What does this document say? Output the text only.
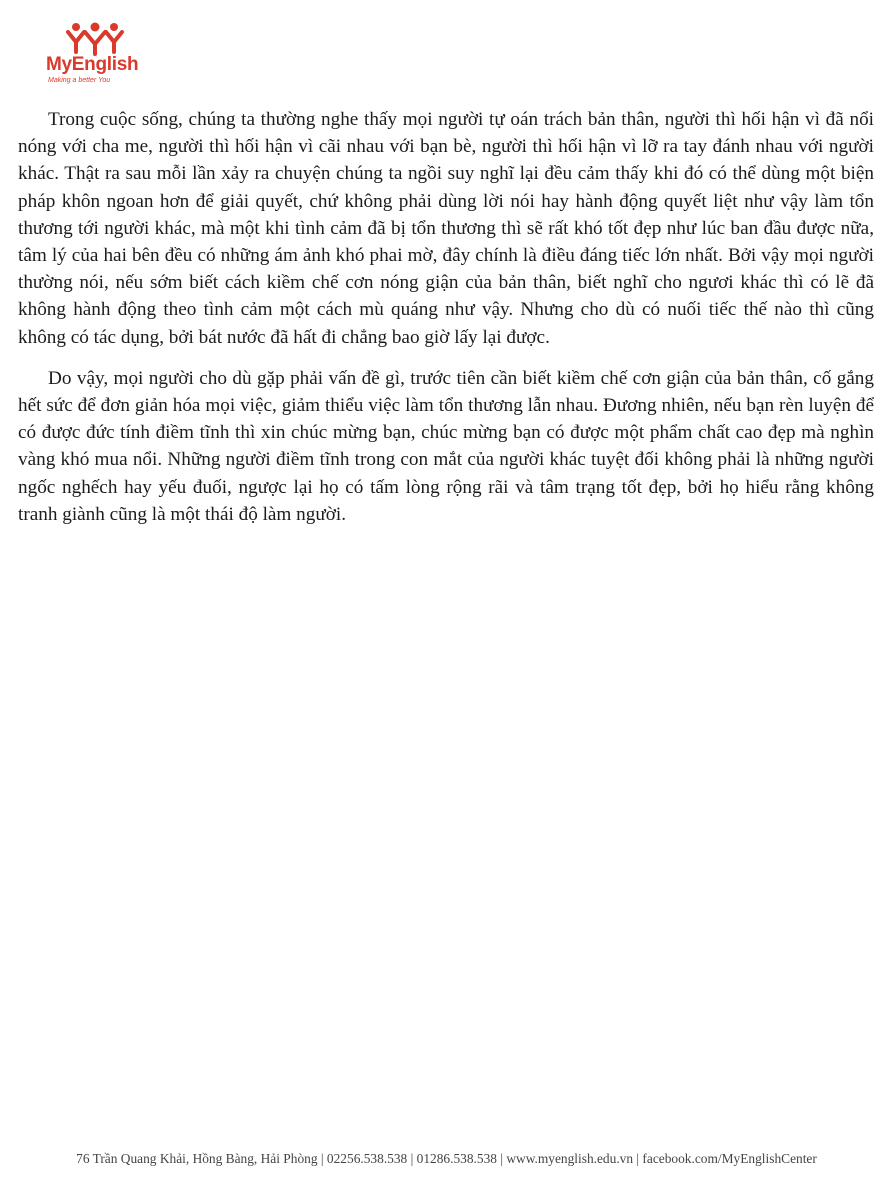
MyEnglish
Making a better You

Trong cuộc sống, chúng ta thường nghe thấy mọi người tự oán trách bản thân, người thì hối hận vì đã nổi nóng với cha me, người thì hối hận vì cãi nhau với bạn bè, người thì hối hận vì lỡ ra tay đánh nhau với người khác. Thật ra sau mỗi lần xảy ra chuyện chúng ta ngồi suy nghĩ lại đều cảm thấy khi đó có thể dùng một biện pháp khôn ngoan hơn để giải quyết, chứ không phải dùng lời nói hay hành động quyết liệt như vậy làm tổn thương tới người khác, mà một khi tình cảm đã bị tổn thương thì sẽ rất khó tốt đẹp như lúc ban đầu được nữa, tâm lý của hai bên đều có những ám ảnh khó phai mờ, đây chính là điều đáng tiếc lớn nhất. Bởi vậy mọi người thường nói, nếu sớm biết cách kiềm chế cơn nóng giận của bản thân, biết nghĩ cho ngươi khác thì có lẽ đã không hành động theo tình cảm một cách mù quáng như vậy. Nhưng cho dù có nuối tiếc thế nào thì cũng không có tác dụng, bởi bát nước đã hất đi chẳng bao giờ lấy lại được.

Do vậy, mọi người cho dù gặp phải vấn đề gì, trước tiên cần biết kiềm chế cơn giận của bản thân, cố gắng hết sức để đơn giản hóa mọi việc, giảm thiểu việc làm tổn thương lẫn nhau. Đương nhiên, nếu bạn rèn luyện để có được đức tính điềm tĩnh thì xin chúc mừng bạn, chúc mừng bạn có được một phẩm chất cao đẹp mà nghìn vàng khó mua nổi. Những người điềm tĩnh trong con mắt của người khác tuyệt đối không phải là những người ngốc nghếch hay yếu đuối, ngược lại họ có tấm lòng rộng rãi và tâm trạng tốt đẹp, bởi họ hiểu rằng không tranh giành cũng là một thái độ làm người.

76 Trần Quang Khải, Hồng Bàng, Hải Phòng | 02256.538.538 | 01286.538.538 | www.myenglish.edu.vn | facebook.com/MyEnglishCenter
